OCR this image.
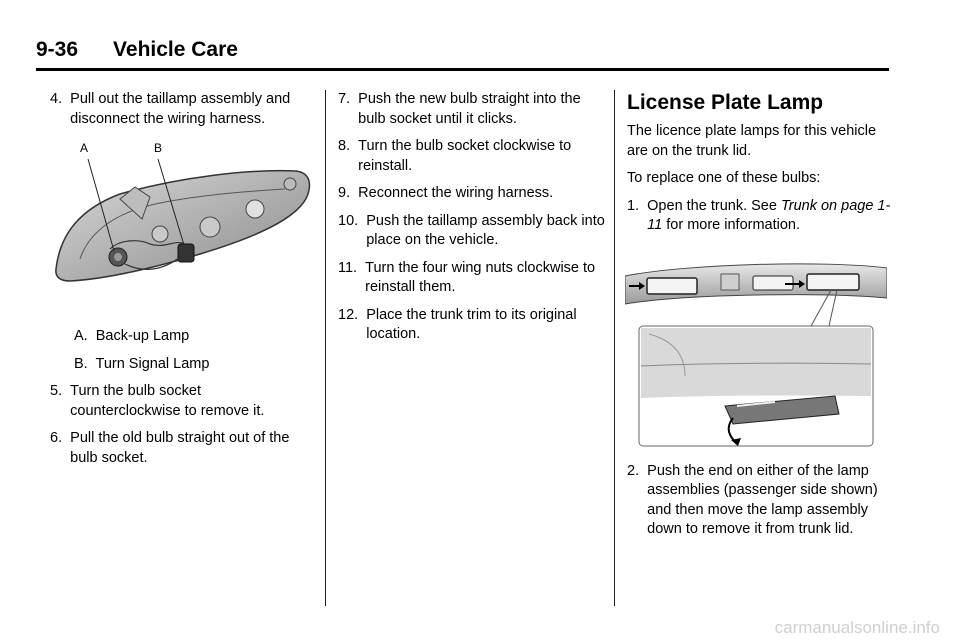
9-36      Vehicle Care
4. Pull out the taillamp assembly and disconnect the wiring harness.
A	B
A.  Back-up Lamp
B.  Turn Signal Lamp
5. Turn the bulb socket counterclockwise to remove it.
6. Pull the old bulb straight out of the bulb socket.
7. Push the new bulb straight into the bulb socket until it clicks.
8. Turn the bulb socket clockwise to reinstall.
9. Reconnect the wiring harness.
10. Push the taillamp assembly back into place on the vehicle.
11. Turn the four wing nuts clockwise to reinstall them.
12. Place the trunk trim to its original location.
License Plate Lamp
The licence plate lamps for this vehicle are on the trunk lid.
To replace one of these bulbs:
1. Open the trunk. See Trunk on page 1-11 for more information.
2. Push the end on either of the lamp assemblies (passenger side shown) and then move the lamp assembly down to remove it from trunk lid.
carmanualsonline.info
